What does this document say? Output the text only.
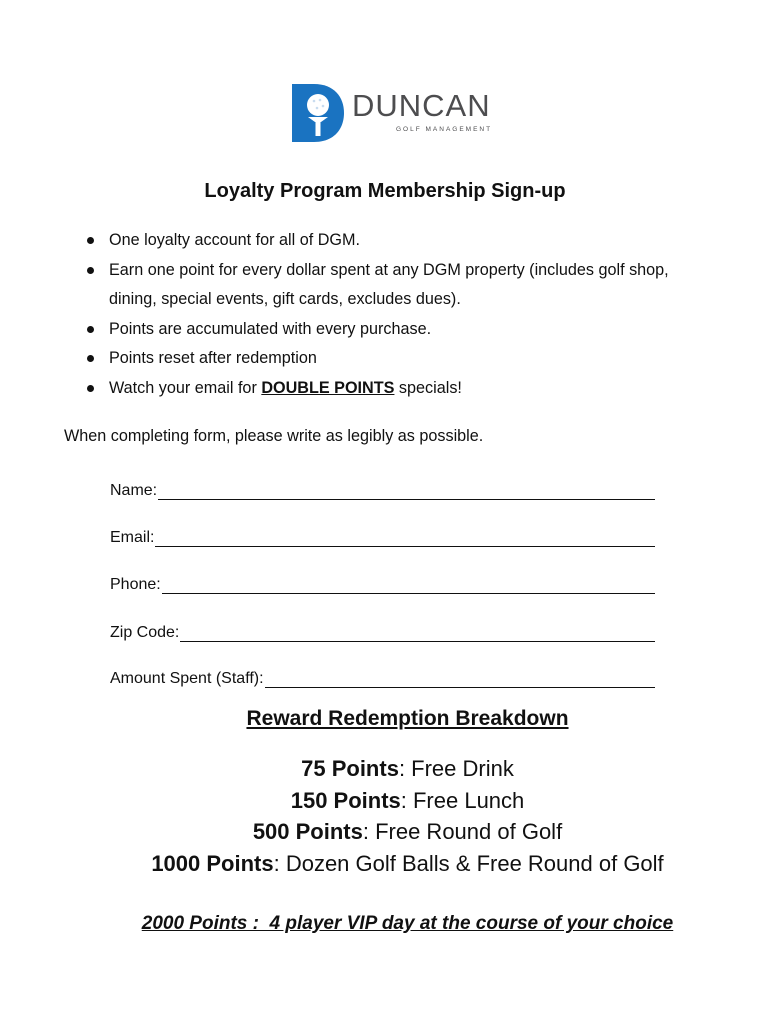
DUNCAN
GOLF MANAGEMENT
Loyalty Program Membership Sign-up
One loyalty account for all of DGM.
Earn one point for every dollar spent at any DGM property (includes golf shop, dining, special events, gift cards, excludes dues).
Points are accumulated with every purchase.
Points reset after redemption
Watch your email for DOUBLE POINTS specials!

When completing form, please write as legibly as possible.

Name:
Email:
Phone:
Zip Code:
Amount Spent (Staff):
Reward Redemption Breakdown
75 Points: Free Drink
150 Points: Free Lunch
500 Points: Free Round of Golf
1000 Points: Dozen Golf Balls & Free Round of Golf
2000 Points :  4 player VIP day at the course of your choice
